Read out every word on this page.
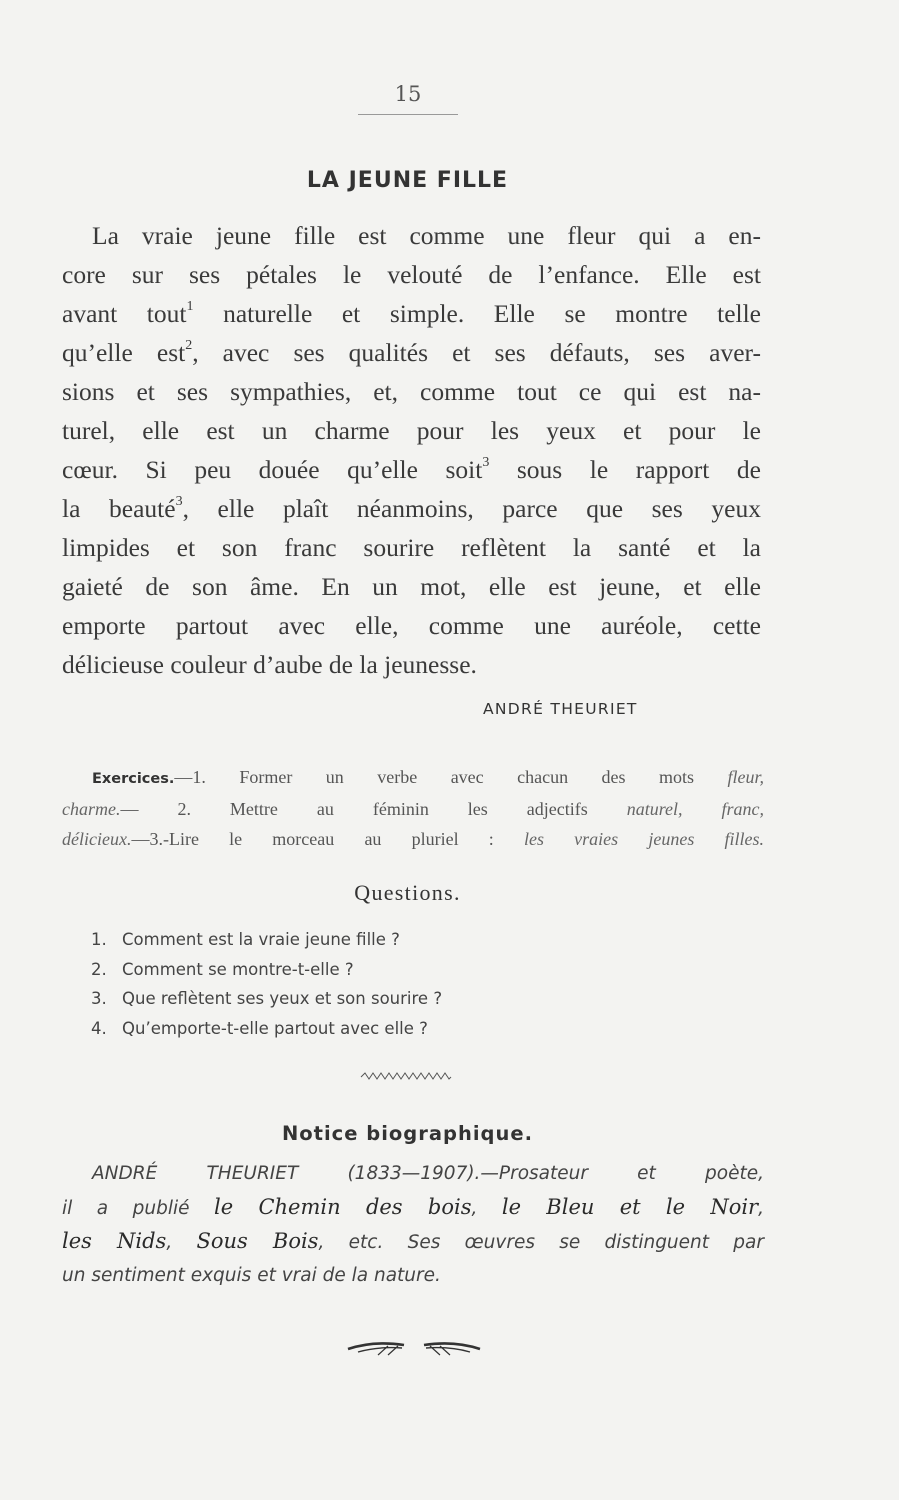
15
LA JEUNE FILLE
La vraie jeune fille est comme une fleur qui a en-
core sur ses pétales le velouté de l’enfance. Elle est
avant tout$^1$ naturelle et simple. Elle se montre telle
qu’elle est$^2$, avec ses qualités et ses défauts, ses aver-
sions et ses sympathies, et, comme tout ce qui est na-
turel, elle est un charme pour les yeux et pour le
cœur. Si peu douée qu’elle soit$^3$ sous le rapport de
la beauté$^3$, elle plaît néanmoins, parce que ses yeux
limpides et son franc sourire reflètent la santé et la
gaieté de son âme. En un mot, elle est jeune, et elle
emporte partout avec elle, comme une auréole, cette
délicieuse couleur d’aube de la jeunesse.
ANDRÉ THEURIET
Exercices.—1. Former un verbe avec chacun des mots fleur,
charme.— 2. Mettre au féminin les adjectifs naturel, franc,
délicieux.—3.-Lire le morceau au pluriel : les vraies jeunes filles.
Questions.
1. Comment est la vraie jeune fille ?
2. Comment se montre-t-elle ?
3. Que reflètent ses yeux et son sourire ?
4. Qu’emporte-t-elle partout avec elle ?
Notice biographique.
ANDRÉ THEURIET (1833—1907).—Prosateur et poète,
il a publié le Chemin des bois, le Bleu et le Noir,
les Nids, Sous Bois, etc. Ses œuvres se distinguent par
un sentiment exquis et vrai de la nature.
